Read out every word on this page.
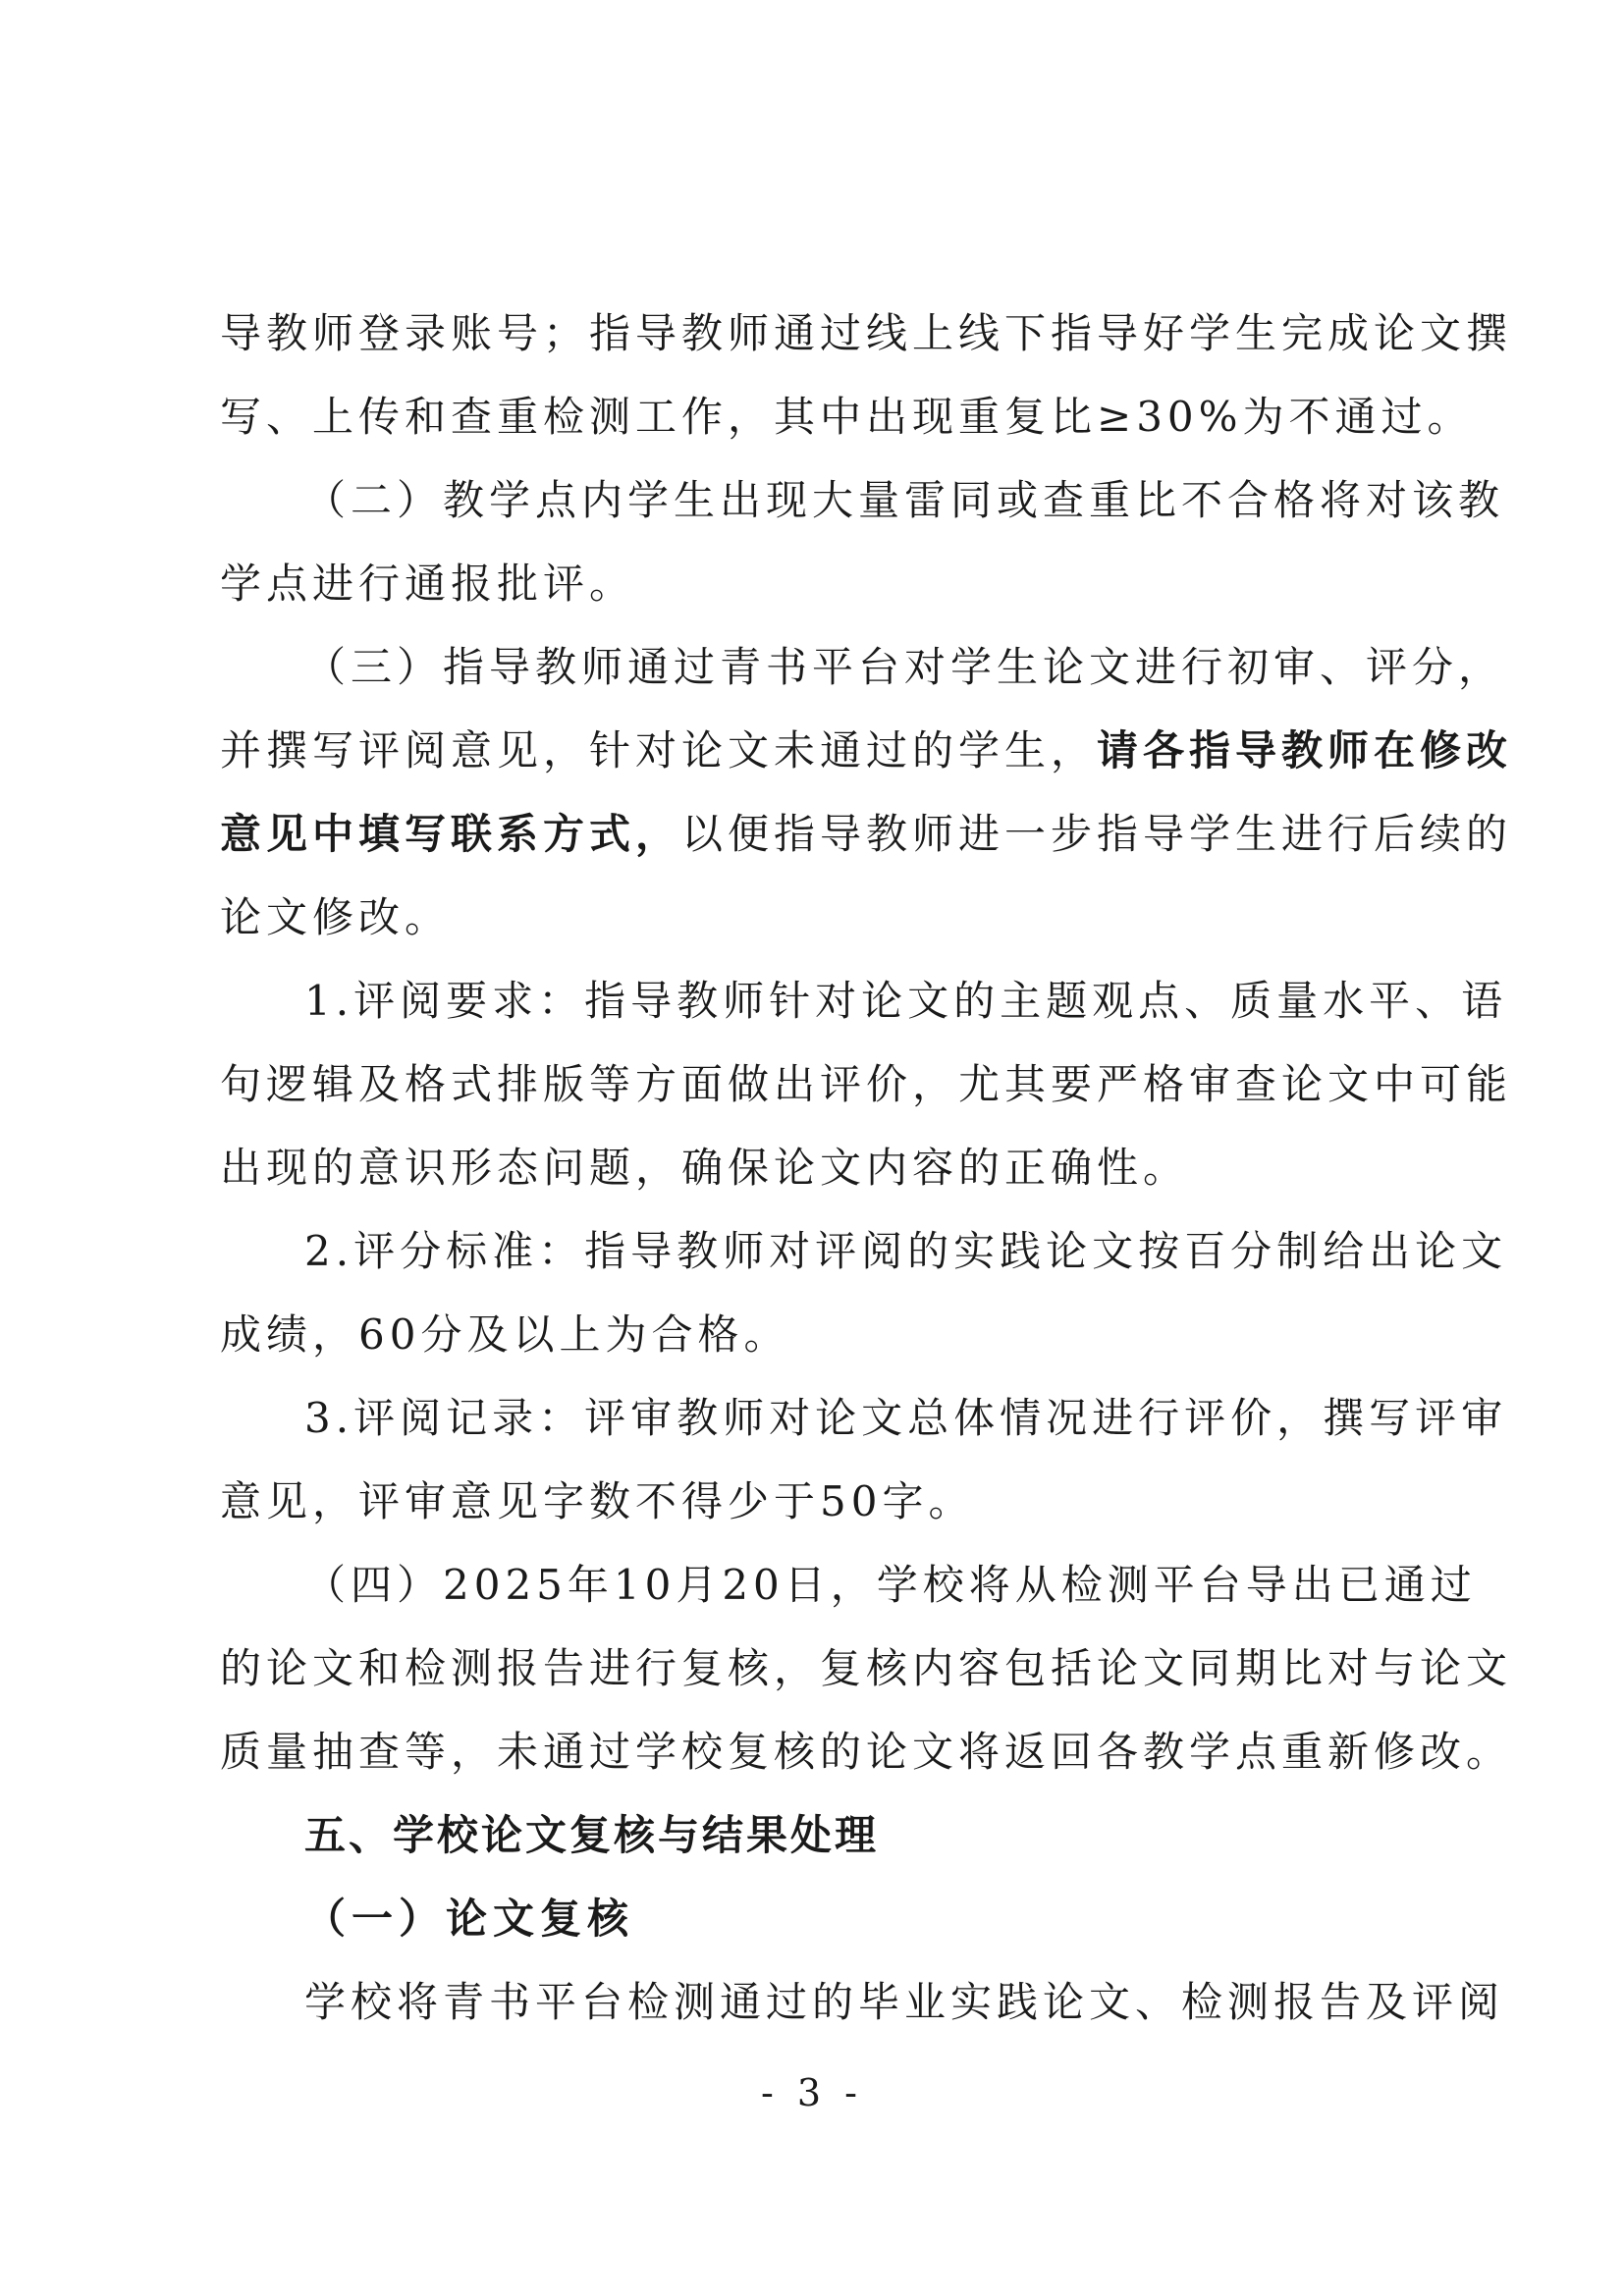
导教师登录账号；指导教师通过线上线下指导好学生完成论文撰
写、上传和查重检测工作，其中出现重复比≥30%为不通过。
（二）教学点内学生出现大量雷同或查重比不合格将对该教
学点进行通报批评。
（三）指导教师通过青书平台对学生论文进行初审、评分，
并撰写评阅意见，针对论文未通过的学生，请各指导教师在修改
意见中填写联系方式，以便指导教师进一步指导学生进行后续的
论文修改。
1.评阅要求：指导教师针对论文的主题观点、质量水平、语
句逻辑及格式排版等方面做出评价，尤其要严格审查论文中可能
出现的意识形态问题，确保论文内容的正确性。
2.评分标准：指导教师对评阅的实践论文按百分制给出论文
成绩，60分及以上为合格。
3.评阅记录：评审教师对论文总体情况进行评价，撰写评审
意见，评审意见字数不得少于50字。
（四）2025年10月20日，学校将从检测平台导出已通过
的论文和检测报告进行复核，复核内容包括论文同期比对与论文
质量抽查等，未通过学校复核的论文将返回各教学点重新修改。
五、学校论文复核与结果处理
（一）论文复核
学校将青书平台检测通过的毕业实践论文、检测报告及评阅
- 3 -
